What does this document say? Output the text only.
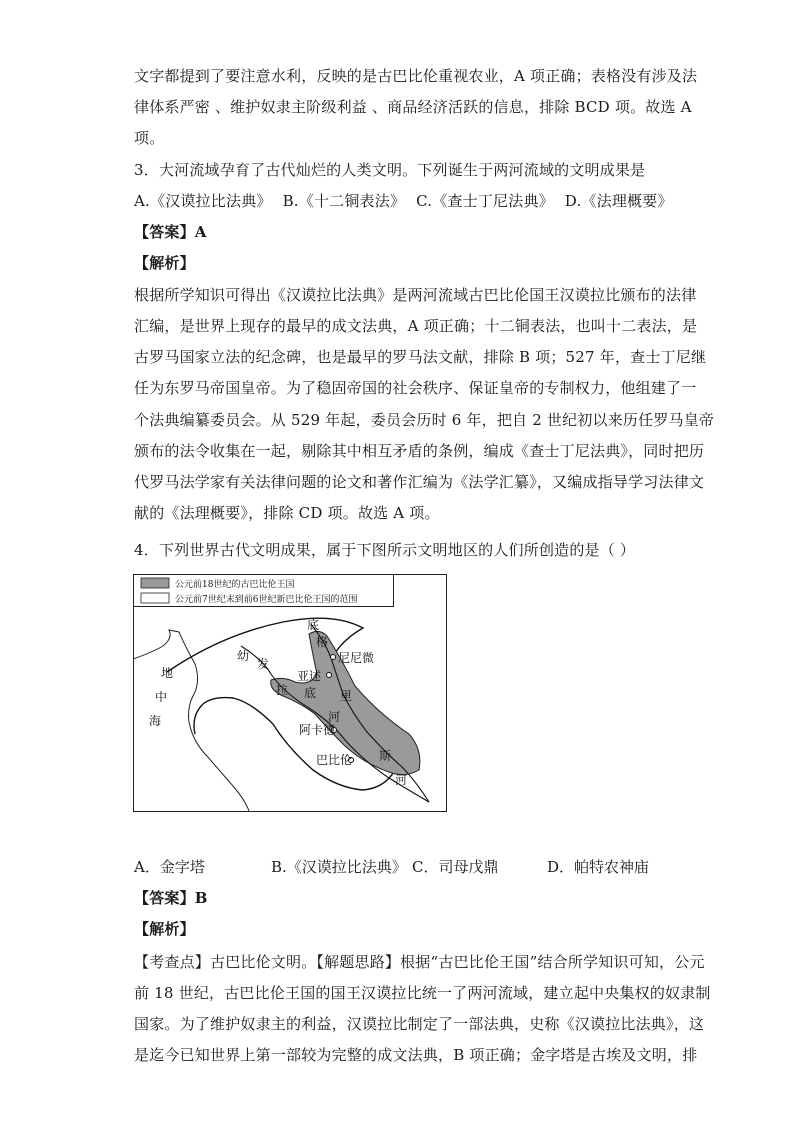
文字都提到了要注意水利，反映的是古巴比伦重视农业，A 项正确；表格没有涉及法
律体系严密 、维护奴隶主阶级利益 、商品经济活跃的信息，排除 BCD 项。故选 A
项。
3．大河流域孕育了古代灿烂的人类文明。下列诞生于两河流域的文明成果是
A.《汉谟拉比法典》 B.《十二铜表法》 C.《查士丁尼法典》 D.《法理概要》
【答案】A
【解析】
根据所学知识可得出《汉谟拉比法典》是两河流域古巴比伦国王汉谟拉比颁布的法律
汇编，是世界上现存的最早的成文法典，A 项正确；十二铜表法，也叫十二表法，是
古罗马国家立法的纪念碑，也是最早的罗马法文献，排除 B 项；527 年，查士丁尼继
任为东罗马帝国皇帝。为了稳固帝国的社会秩序、保证皇帝的专制权力，他组建了一
个法典编纂委员会。从 529 年起，委员会历时 6 年，把自 2 世纪初以来历任罗马皇帝
颁布的法令收集在一起，剔除其中相互矛盾的条例，编成《查士丁尼法典》，同时把历
代罗马法学家有关法律问题的论文和著作汇编为《法学汇纂》，又编成指导学习法律文
献的《法理概要》，排除 CD 项。故选 A 项。
4．下列世界古代文明成果，属于下图所示文明地区的人们所创造的是（ ）
公元前18世纪的古巴比伦王国
公元前7世纪末到前6世纪新巴比伦王国的范围
尼尼微
亚述
阿卡德
巴比伦
地
中
海
幼
发
拉 底
河
底
格
里
斯
河
A．金字塔	B.《汉谟拉比法典》 C．司母戊鼎	D．帕特农神庙
【答案】B
【解析】
【考查点】古巴比伦文明。【解题思路】根据“古巴比伦王国”结合所学知识可知，公元
前 18 世纪，古巴比伦王国的国王汉谟拉比统一了两河流域，建立起中央集权的奴隶制
国家。为了维护奴隶主的利益，汉谟拉比制定了一部法典，史称《汉谟拉比法典》，这
是迄今已知世界上第一部较为完整的成文法典，B 项正确；金字塔是古埃及文明，排
